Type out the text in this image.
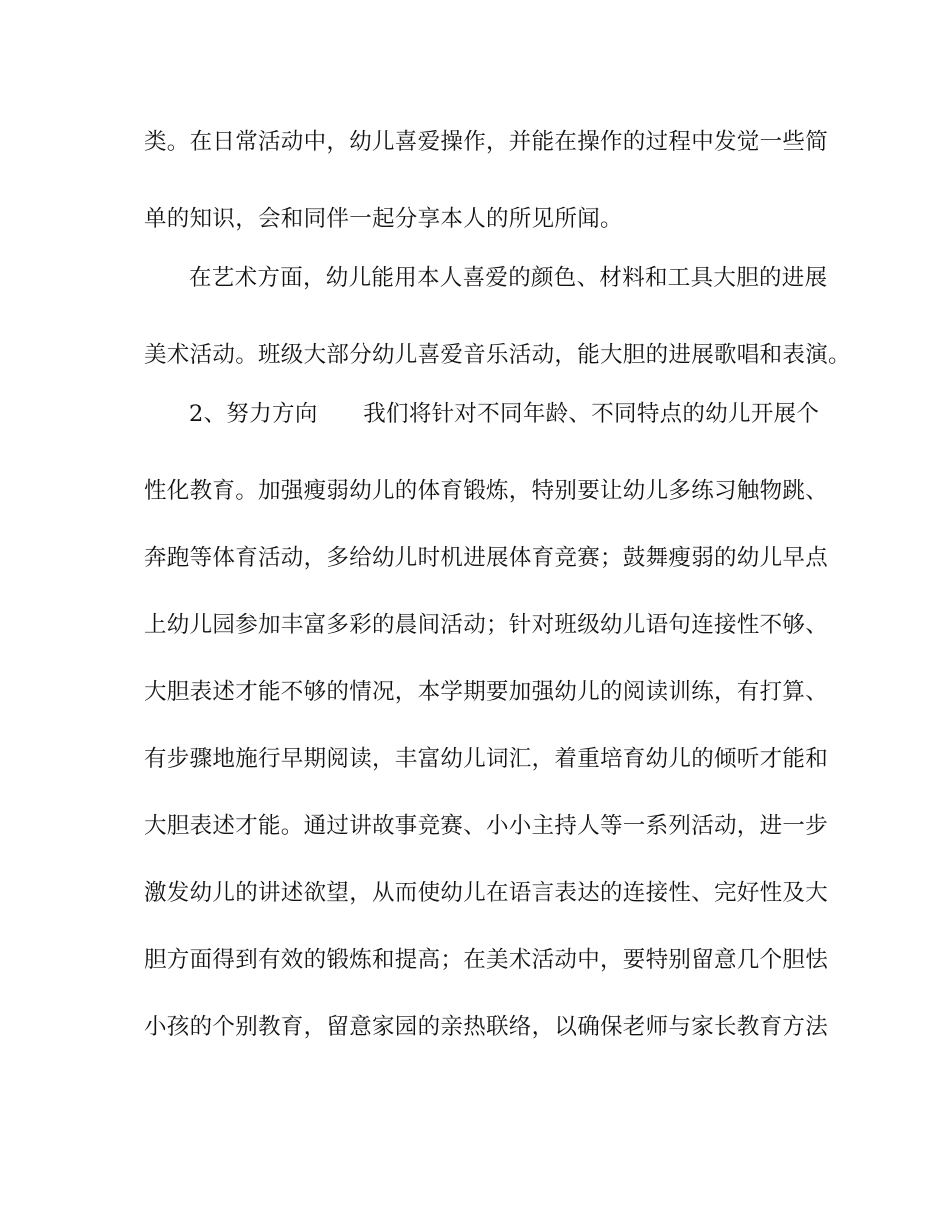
类。在日常活动中，幼儿喜爱操作，并能在操作的过程中发觉一些简
单的知识，会和同伴一起分享本人的所见所闻。
在艺术方面，幼儿能用本人喜爱的颜色、材料和工具大胆的进展
美术活动。班级大部分幼儿喜爱音乐活动，能大胆的进展歌唱和表演。
2、努力方向　　我们将针对不同年龄、不同特点的幼儿开展个
性化教育。加强瘦弱幼儿的体育锻炼，特别要让幼儿多练习触物跳、
奔跑等体育活动，多给幼儿时机进展体育竞赛；鼓舞瘦弱的幼儿早点
上幼儿园参加丰富多彩的晨间活动；针对班级幼儿语句连接性不够、
大胆表述才能不够的情况，本学期要加强幼儿的阅读训练，有打算、
有步骤地施行早期阅读，丰富幼儿词汇，着重培育幼儿的倾听才能和
大胆表述才能。通过讲故事竞赛、小小主持人等一系列活动，进一步
激发幼儿的讲述欲望，从而使幼儿在语言表达的连接性、完好性及大
胆方面得到有效的锻炼和提高；在美术活动中，要特别留意几个胆怯
小孩的个别教育，留意家园的亲热联络，以确保老师与家长教育方法
